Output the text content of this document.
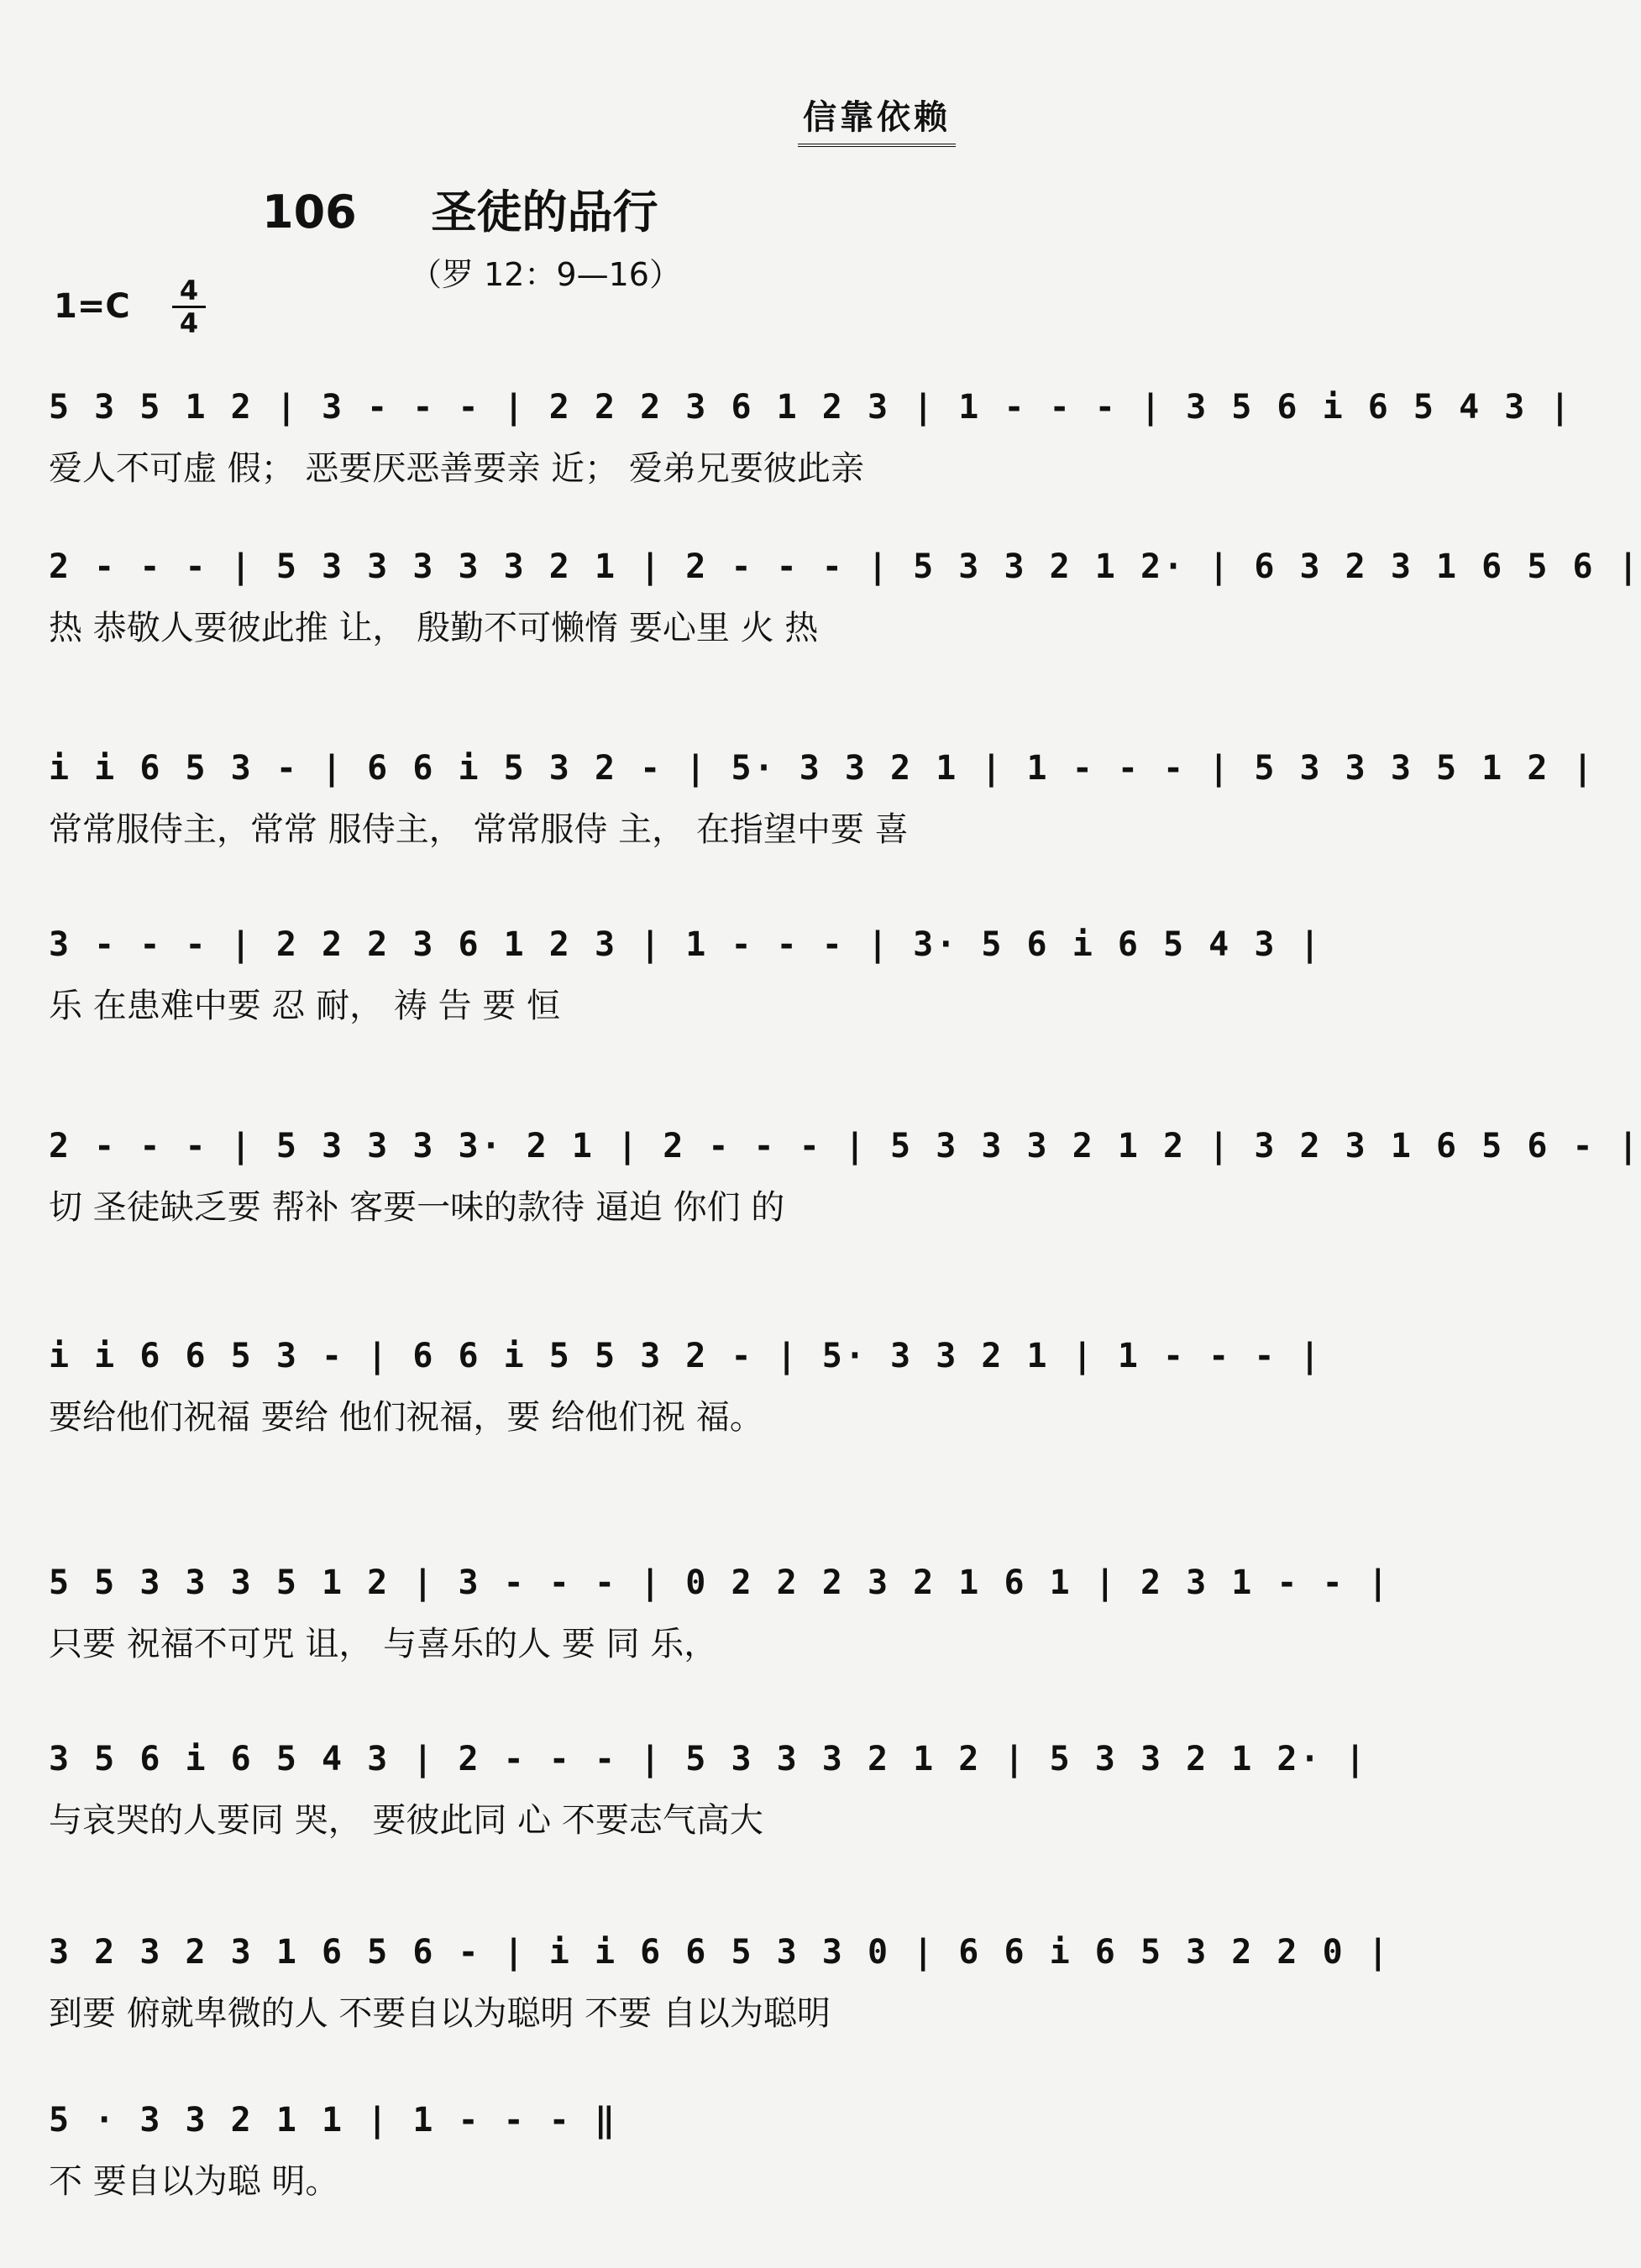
信靠依赖
106 圣徒的品行
（罗 12：9—16）
1=C 4
4
5 3 5 1 2 | 3 - - - | 2 2 2 3 6 1 2 3 | 1 - - - | 3 5 6 i 6 5 4 3 |
爱人不可虚 假； 恶要厌恶善要亲 近； 爱弟兄要彼此亲
2 - - - | 5 3 3 3 3 3 2 1 | 2 - - - | 5 3 3 2 1 2· | 6 3 2 3 1 6 5 6 |
热 恭敬人要彼此推 让， 殷勤不可懒惰 要心里 火 热
i i 6 5 3 - | 6 6 i 5 3 2 - | 5· 3 3 2 1 | 1 - - - | 5 3 3 3 5 1 2 |
常常服侍主，常常 服侍主， 常常服侍 主， 在指望中要 喜
3 - - - | 2 2 2 3 6 1 2 3 | 1 - - - | 3· 5 6 i 6 5 4 3 |
乐 在患难中要 忍 耐， 祷 告 要 恒
2 - - - | 5 3 3 3 3· 2 1 | 2 - - - | 5 3 3 3 2 1 2 | 3 2 3 1 6 5 6 - |
切 圣徒缺乏要 帮补 客要一味的款待 逼迫 你们 的
i i 6 6 5 3 - | 6 6 i 5 5 3 2 - | 5· 3 3 2 1 | 1 - - - |
要给他们祝福 要给 他们祝福，要 给他们祝 福。
5 5 3 3 3 5 1 2 | 3 - - - | 0 2 2 2 3 2 1 6 1 | 2 3 1 - - |
只要 祝福不可咒 诅， 与喜乐的人 要 同 乐，
3 5 6 i 6 5 4 3 | 2 - - - | 5 3 3 3 2 1 2 | 5 3 3 2 1 2· |
与哀哭的人要同 哭， 要彼此同 心 不要志气高大
3 2 3 2 3 1 6 5 6 - | i i 6 6 5 3 3 0 | 6 6 i 6 5 3 2 2 0 |
到要 俯就卑微的人 不要自以为聪明 不要 自以为聪明
5 · 3 3 2 1 1 | 1 - - - ‖
不 要自以为聪 明。
